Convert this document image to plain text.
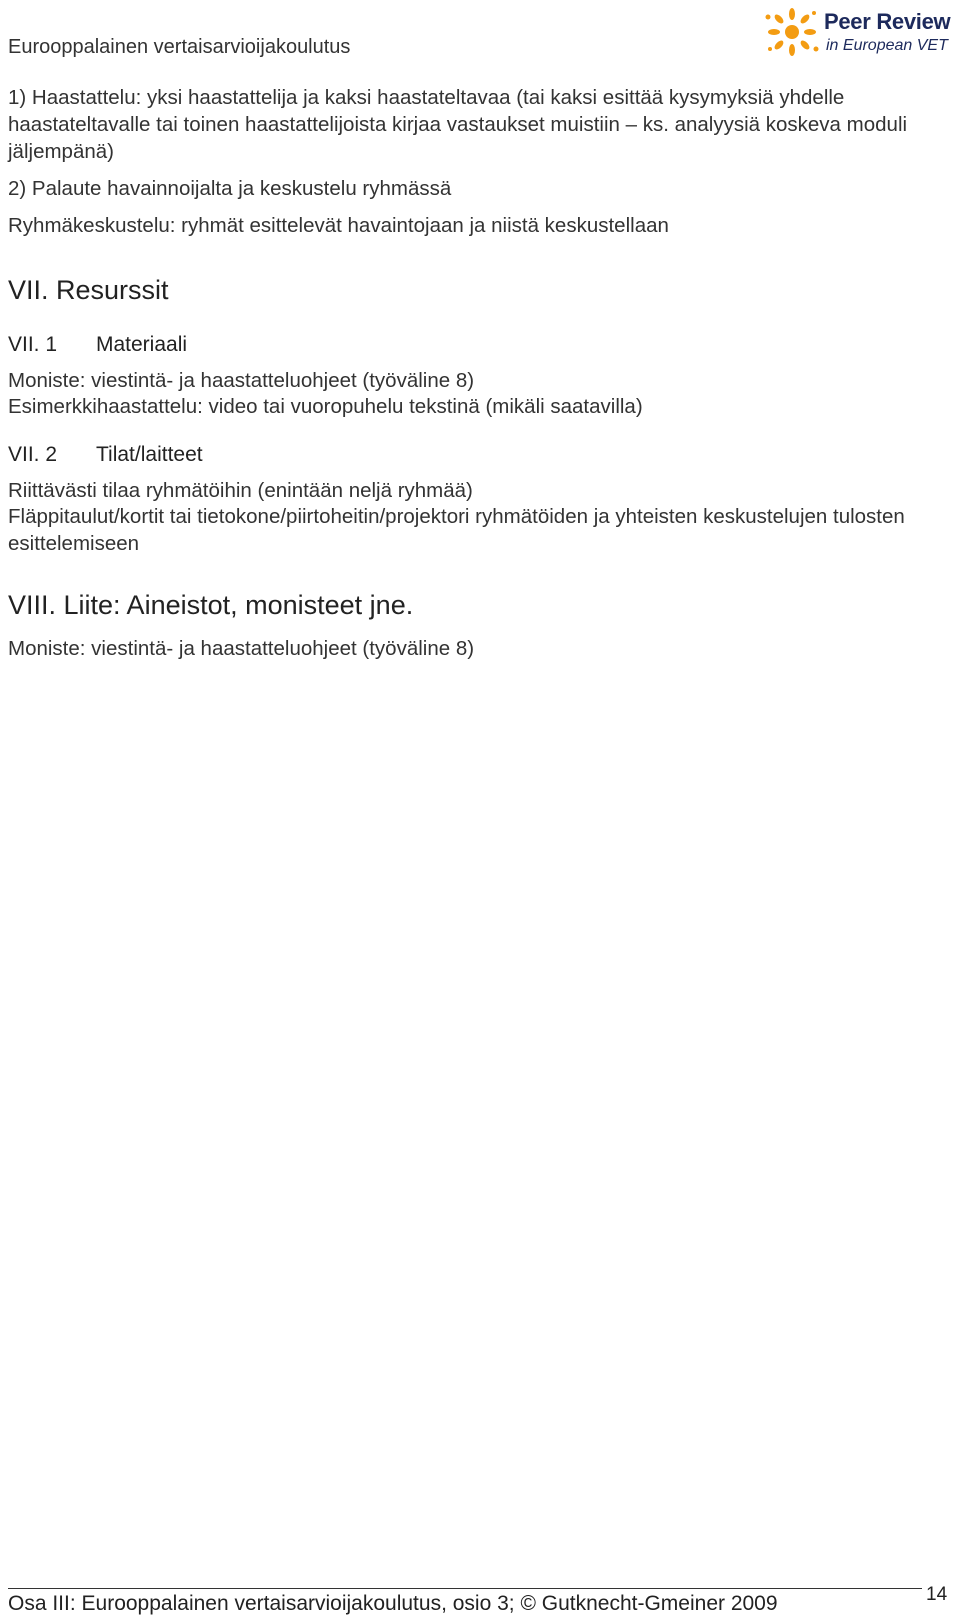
Eurooppalainen vertaisarvioijakoulutus
Peer Review
in European VET
1) Haastattelu: yksi haastattelija ja kaksi haastateltavaa (tai kaksi esittää kysymyksiä yhdelle haastateltavalle tai toinen haastattelijoista kirjaa vastaukset muistiin – ks. analyysiä koskeva moduli jäljempänä)
2) Palaute havainnoijalta ja keskustelu ryhmässä
Ryhmäkeskustelu: ryhmät esittelevät havaintojaan ja niistä keskustellaan
VII. Resurssit
VII. 1 Materiaali
Moniste: viestintä- ja haastatteluohjeet (työväline 8)
Esimerkkihaastattelu: video tai vuoropuhelu tekstinä (mikäli saatavilla)
VII. 2 Tilat/laitteet
Riittävästi tilaa ryhmätöihin (enintään neljä ryhmää)
Fläppitaulut/kortit tai tietokone/piirtoheitin/projektori ryhmätöiden ja yhteisten keskustelujen tulosten esittelemiseen
VIII. Liite: Aineistot, monisteet jne.
Moniste: viestintä- ja haastatteluohjeet (työväline 8)
Osa III: Eurooppalainen vertaisarvioijakoulutus, osio 3; © Gutknecht-Gmeiner 2009	14
